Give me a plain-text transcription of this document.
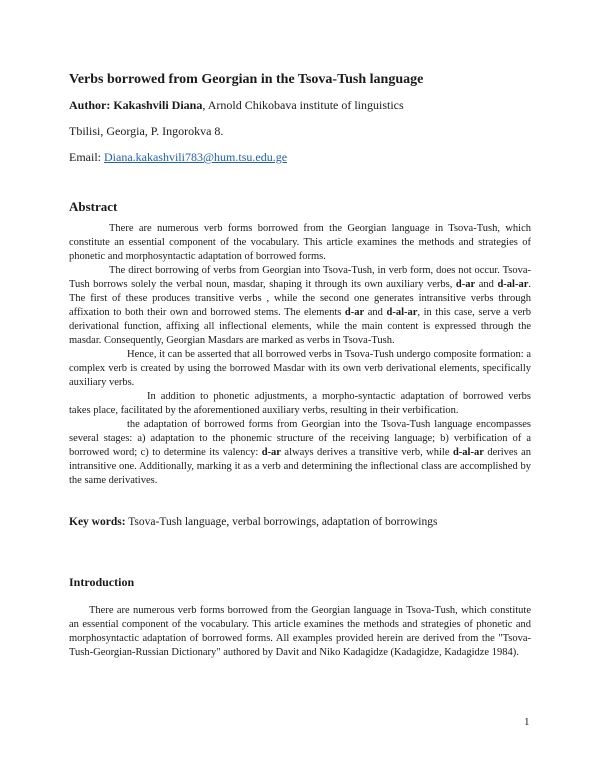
Verbs borrowed from Georgian in the Tsova-Tush language
Author: Kakashvili Diana, Arnold Chikobava institute of linguistics
Tbilisi, Georgia, P. Ingorokva 8.
Email: Diana.kakashvili783@hum.tsu.edu.ge
Abstract

There are numerous verb forms borrowed from the Georgian language in Tsova-Tush, which constitute an essential component of the vocabulary. This article examines the methods and strategies of phonetic and morphosyntactic adaptation of borrowed forms.

The direct borrowing of verbs from Georgian into Tsova-Tush, in verb form, does not occur. Tsova-Tush borrows solely the verbal noun, masdar, shaping it through its own auxiliary verbs, d-ar and d-al-ar. The first of these produces transitive verbs , while the second one generates intransitive verbs through affixation to both their own and borrowed stems. The elements d-ar and d-al-ar, in this case, serve a verb derivational function, affixing all inflectional elements, while the main content is expressed through the masdar. Consequently, Georgian Masdars are marked as verbs in Tsova-Tush.

Hence, it can be asserted that all borrowed verbs in Tsova-Tush undergo composite formation: a complex verb is created by using the borrowed Masdar with its own verb derivational elements, specifically auxiliary verbs.

In addition to phonetic adjustments, a morpho-syntactic adaptation of borrowed verbs takes place, facilitated by the aforementioned auxiliary verbs, resulting in their verbification.

the adaptation of borrowed forms from Georgian into the Tsova-Tush language encompasses several stages: a) adaptation to the phonemic structure of the receiving language; b) verbification of a borrowed word; c) to determine its valency: d-ar always derives a transitive verb, while d-al-ar derives an intransitive one. Additionally, marking it as a verb and determining the inflectional class are accomplished by the same derivatives.

Key words: Tsova-Tush language, verbal borrowings, adaptation of borrowings
Introduction

There are numerous verb forms borrowed from the Georgian language in Tsova-Tush, which constitute an essential component of the vocabulary. This article examines the methods and strategies of phonetic and morphosyntactic adaptation of borrowed forms. All examples provided herein are derived from the "Tsova-Tush-Georgian-Russian Dictionary" authored by Davit and Niko Kadagidze (Kadagidze, Kadagidze 1984).

1
